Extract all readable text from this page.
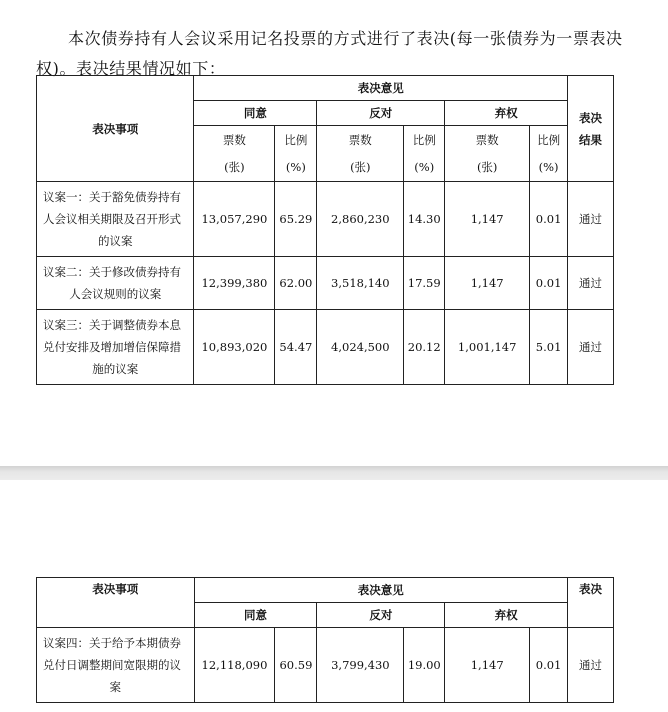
本次债券持有人会议采用记名投票的方式进行了表决(每一张债券为一票表决权)。表决结果情况如下：

表决事项	表决意见						表决
结果

	同意		反对		弃权		
	票数	比例	票数	比例	票数	比例	
	(张)	(%)	(张)	(%)	(张)	(%)	

议案一：关于豁免债券持有
人会议相关期限及召开形式
的议案	13,057,290	65.29	2,860,230	14.30	1,147	0.01	通过

议案二：关于修改债券持有
人会议规则的议案	12,399,380	62.00	3,518,140	17.59	1,147	0.01	通过

议案三：关于调整债券本息
兑付安排及增加增信保障措
施的议案	10,893,020	54.47	4,024,500	20.12	1,001,147	5.01	通过
表决事项	表决意见						表决
	同意		反对		弃权		

议案四：关于给予本期债券
兑付日调整期间宽限期的议
案	12,118,090	60.59	3,799,430	19.00	1,147	0.01	通过
